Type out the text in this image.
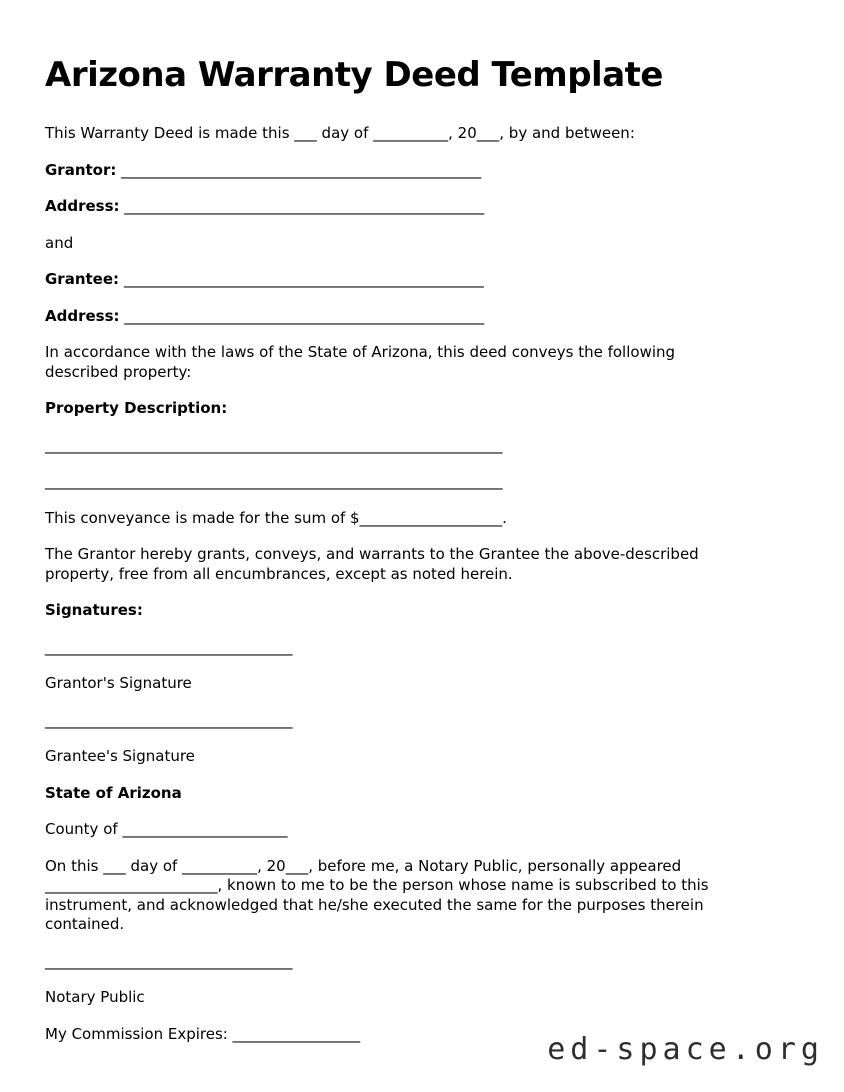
Arizona Warranty Deed Template
This Warranty Deed is made this ___ day of __________, 20___, by and between:
Grantor: ________________________________________________
Address: ________________________________________________
and
Grantee: ________________________________________________
Address: ________________________________________________
In accordance with the laws of the State of Arizona, this deed conveys the following
described property:
Property Description:
_____________________________________________________________
_____________________________________________________________
This conveyance is made for the sum of $___________________.
The Grantor hereby grants, conveys, and warrants to the Grantee the above-described
property, free from all encumbrances, except as noted herein.
Signatures:
_________________________________
Grantor's Signature
_________________________________
Grantee's Signature
State of Arizona
County of ______________________
On this ___ day of __________, 20___, before me, a Notary Public, personally appeared
_______________________, known to me to be the person whose name is subscribed to this
instrument, and acknowledged that he/she executed the same for the purposes therein
contained.
_________________________________
Notary Public
My Commission Expires: _________________	ed-space.org
